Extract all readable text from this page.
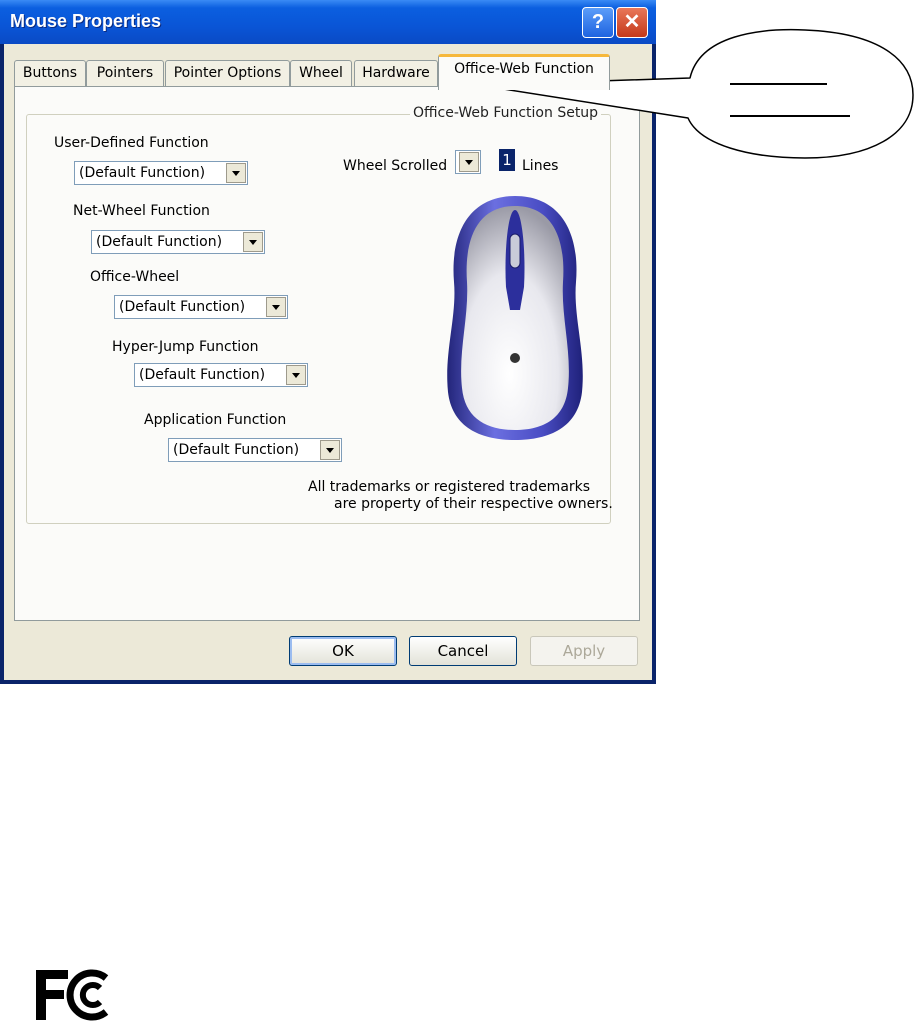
Mouse Properties	? ✕
Buttons	Pointers	Pointer Options	Wheel	Hardware	Office-Web Function
Office-Web Function Setup
User-Defined Function
(Default Function)
Net-Wheel Function
(Default Function)
Office-Wheel
(Default Function)
Hyper-Jump Function
(Default Function)
Application Function
(Default Function)
Wheel Scrolled	1 Lines
All trademarks or registered trademarks
are property of their respective owners.
OK	Cancel	Apply
